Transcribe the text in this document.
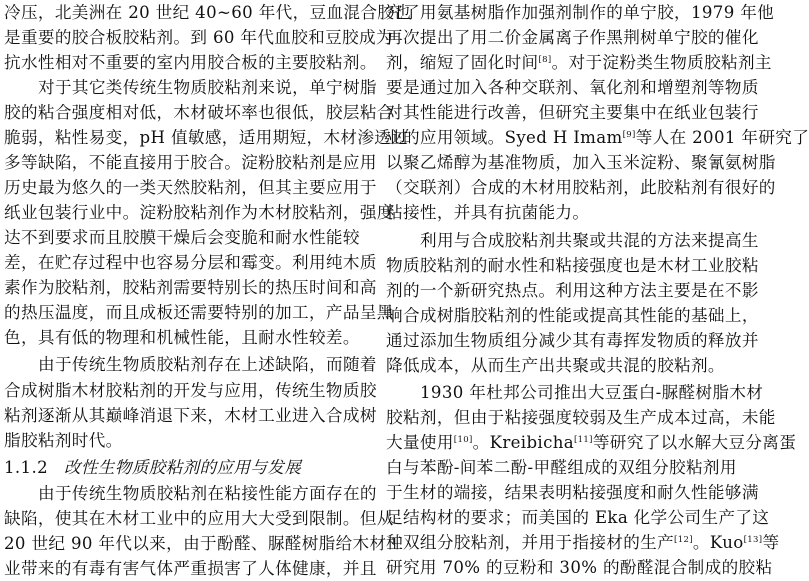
冷压，北美洲在 20 世纪 40~60 年代，豆血混合胶也
是重要的胶合板胶粘剂。到 60 年代血胶和豆胶成为
抗水性相对不重要的室内用胶合板的主要胶粘剂。
对于其它类传统生物质胶粘剂来说，单宁树脂
胶的粘合强度相对低，木材破坏率也很低，胶层粘合
脆弱，粘性易变，pH 值敏感，适用期短，木材渗透过
多等缺陷，不能直接用于胶合。淀粉胶粘剂是应用
历史最为悠久的一类天然胶粘剂，但其主要应用于
纸业包装行业中。淀粉胶粘剂作为木材胶粘剂，强度
达不到要求而且胶膜干燥后会变脆和耐水性能较
差，在贮存过程中也容易分层和霉变。利用纯木质
素作为胶粘剂，胶粘剂需要特别长的热压时间和高
的热压温度，而且成板还需要特别的加工，产品呈黑
色，具有低的物理和机械性能，且耐水性较差。
由于传统生物质胶粘剂存在上述缺陷，而随着
合成树脂木材胶粘剂的开发与应用，传统生物质胶
粘剂逐渐从其巅峰消退下来，木材工业进入合成树
脂胶粘剂时代。
1.1.2 改性生物质胶粘剂的应用与发展
由于传统生物质胶粘剂在粘接性能方面存在的
缺陷，使其在木材工业中的应用大大受到限制。但从
20 世纪 90 年代以来，由于酚醛、脲醛树脂给木材工
业带来的有毒有害气体严重损害了人体健康，并且
究了用氨基树脂作加强剂制作的单宁胶，1979 年他
再次提出了用二价金属离子作黑荆树单宁胶的催化
剂，缩短了固化时间[8]。对于淀粉类生物质胶粘剂主
要是通过加入各种交联剂、氧化剂和增塑剂等物质
对其性能进行改善，但研究主要集中在纸业包装行
业的应用领域。Syed H Imam[9]等人在 2001 年研究了
以聚乙烯醇为基准物质，加入玉米淀粉、聚氰氨树脂
（交联剂）合成的木材用胶粘剂，此胶粘剂有很好的
粘接性，并具有抗菌能力。
利用与合成胶粘剂共聚或共混的方法来提高生
物质胶粘剂的耐水性和粘接强度也是木材工业胶粘
剂的一个新研究热点。利用这种方法主要是在不影
响合成树脂胶粘剂的性能或提高其性能的基础上，
通过添加生物质组分减少其有毒挥发物质的释放并
降低成本，从而生产出共聚或共混的胶粘剂。
1930 年杜邦公司推出大豆蛋白-脲醛树脂木材
胶粘剂，但由于粘接强度较弱及生产成本过高，未能
大量使用[10]。Kreibicha[11]等研究了以水解大豆分离蛋
白与苯酚-间苯二酚-甲醛组成的双组分胶粘剂用
于生材的端接，结果表明粘接强度和耐久性能够满
足结构材的要求；而美国的 Eka 化学公司生产了这
种双组分胶粘剂，并用于指接材的生产[12]。Kuo[13]等
研究用 70% 的豆粉和 30% 的酚醛混合制成的胶粘
